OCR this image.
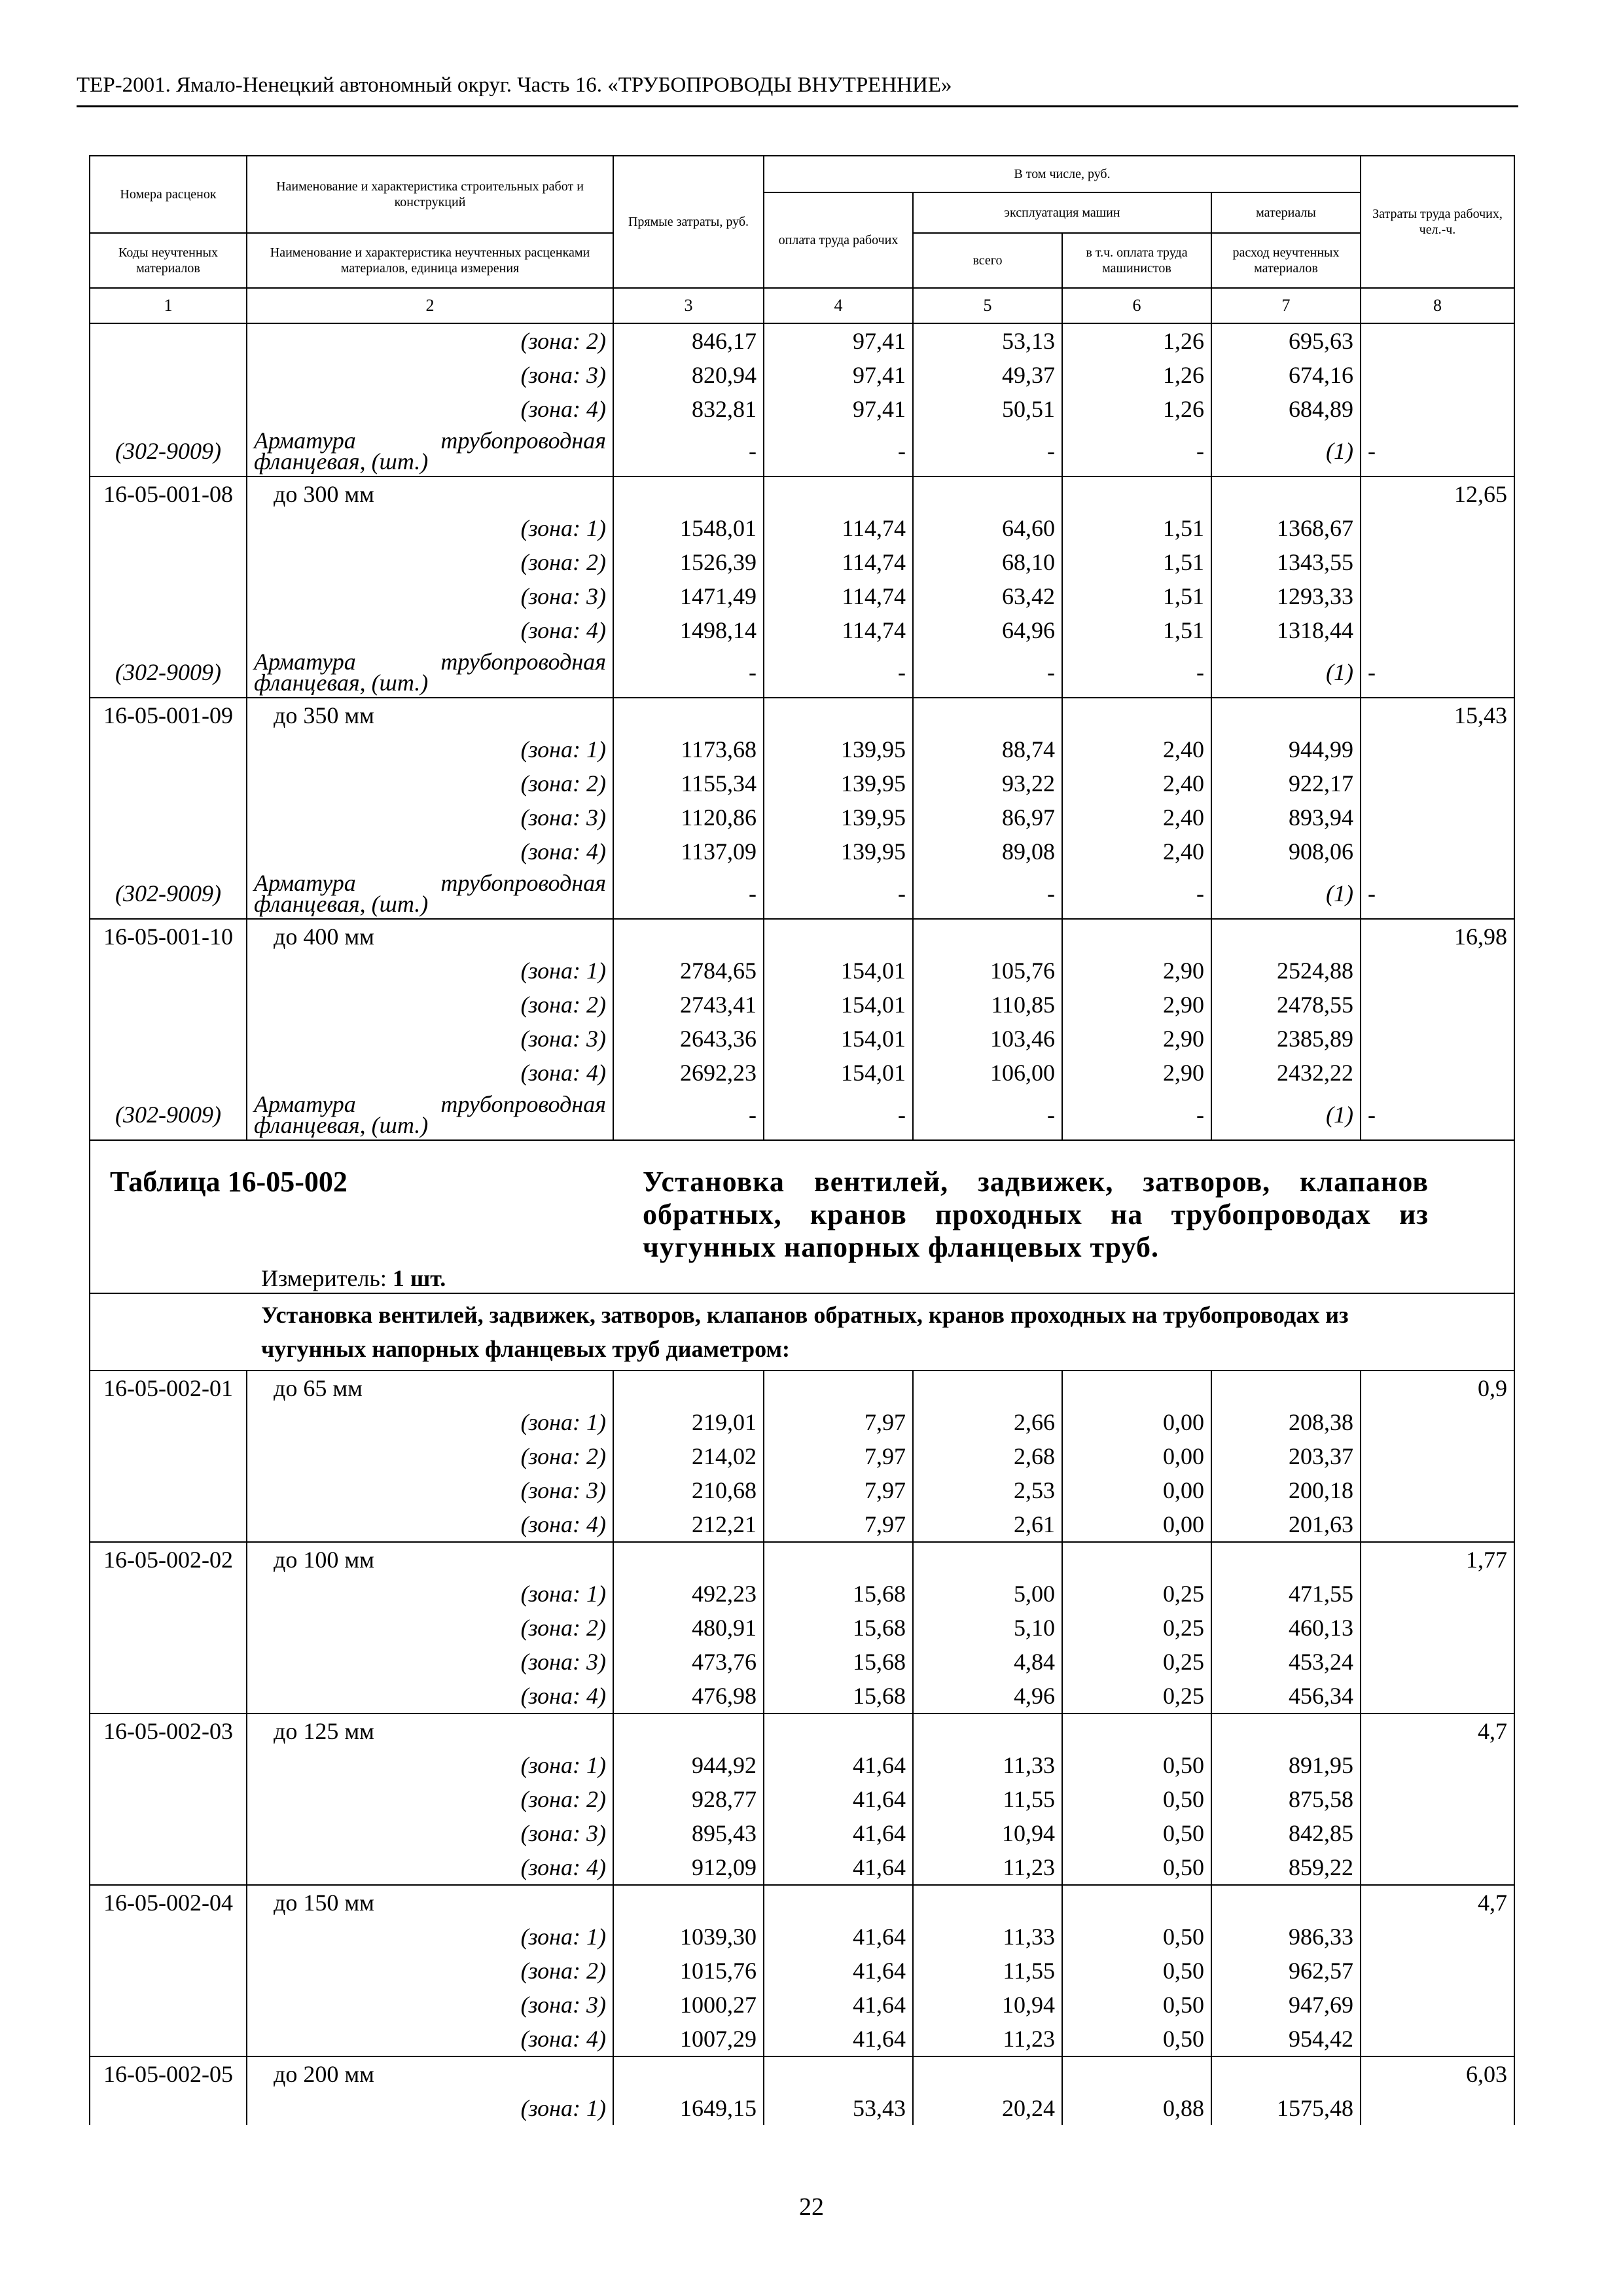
ТЕР-2001. Ямало-Ненецкий автономный округ. Часть 16. «ТРУБОПРОВОДЫ ВНУТРЕННИЕ»
Номера расценок	Наименование и характеристика строительных работ и конструкций	Прямые затраты, руб.	В том числе, руб.				Затраты труда рабочих, чел.-ч.
			оплата труда рабочих	эксплуатация машин		материалы	
Коды неучтенных материалов	Наименование и характеристика неучтенных расценками материалов, единица измерения			всего	в т.ч. оплата труда машинистов	расход неучтенных материалов	

1	2	3	4	5	6	7	8
	(зона: 2)	846,17	97,41	53,13	1,26	695,63	
	(зона: 3)	820,94	97,41	49,37	1,26	674,16	
	(зона: 4)	832,81	97,41	50,51	1,26	684,89	
(302-9009)	Арматура трубопроводная фланцевая, (шт.)	-	-	-	-	(1)	-
16-05-001-08	до 300 мм						12,65
	(зона: 1)	1548,01	114,74	64,60	1,51	1368,67	
	(зона: 2)	1526,39	114,74	68,10	1,51	1343,55	
	(зона: 3)	1471,49	114,74	63,42	1,51	1293,33	
	(зона: 4)	1498,14	114,74	64,96	1,51	1318,44	
(302-9009)	Арматура трубопроводная фланцевая, (шт.)	-	-	-	-	(1)	-
16-05-001-09	до 350 мм						15,43
	(зона: 1)	1173,68	139,95	88,74	2,40	944,99	
	(зона: 2)	1155,34	139,95	93,22	2,40	922,17	
	(зона: 3)	1120,86	139,95	86,97	2,40	893,94	
	(зона: 4)	1137,09	139,95	89,08	2,40	908,06	
(302-9009)	Арматура трубопроводная фланцевая, (шт.)	-	-	-	-	(1)	-
16-05-001-10	до 400 мм						16,98
	(зона: 1)	2784,65	154,01	105,76	2,90	2524,88	
	(зона: 2)	2743,41	154,01	110,85	2,90	2478,55	
	(зона: 3)	2643,36	154,01	103,46	2,90	2385,89	
	(зона: 4)	2692,23	154,01	106,00	2,90	2432,22	
(302-9009)	Арматура трубопроводная фланцевая, (шт.)	-	-	-	-	(1)	-
Таблица 16-05-002		Установка вентилей, задвижек, затворов, клапанов обратных, кранов проходных на трубопроводах из чугунных напорных фланцевых труб.					

	Измеритель: 1 шт.						
	Установка вентилей, задвижек, затворов, клапанов обратных, кранов проходных на трубопроводах из чугунных напорных фланцевых труб диаметром:						
16-05-002-01	до 65 мм						0,9
	(зона: 1)	219,01	7,97	2,66	0,00	208,38	
	(зона: 2)	214,02	7,97	2,68	0,00	203,37	
	(зона: 3)	210,68	7,97	2,53	0,00	200,18	
	(зона: 4)	212,21	7,97	2,61	0,00	201,63	
16-05-002-02	до 100 мм						1,77
	(зона: 1)	492,23	15,68	5,00	0,25	471,55	
	(зона: 2)	480,91	15,68	5,10	0,25	460,13	
	(зона: 3)	473,76	15,68	4,84	0,25	453,24	
	(зона: 4)	476,98	15,68	4,96	0,25	456,34	
16-05-002-03	до 125 мм						4,7
	(зона: 1)	944,92	41,64	11,33	0,50	891,95	
	(зона: 2)	928,77	41,64	11,55	0,50	875,58	
	(зона: 3)	895,43	41,64	10,94	0,50	842,85	
	(зона: 4)	912,09	41,64	11,23	0,50	859,22	
16-05-002-04	до 150 мм						4,7
	(зона: 1)	1039,30	41,64	11,33	0,50	986,33	
	(зона: 2)	1015,76	41,64	11,55	0,50	962,57	
	(зона: 3)	1000,27	41,64	10,94	0,50	947,69	
	(зона: 4)	1007,29	41,64	11,23	0,50	954,42	
16-05-002-05	до 200 мм						6,03
	(зона: 1)	1649,15	53,43	20,24	0,88	1575,48	
22
